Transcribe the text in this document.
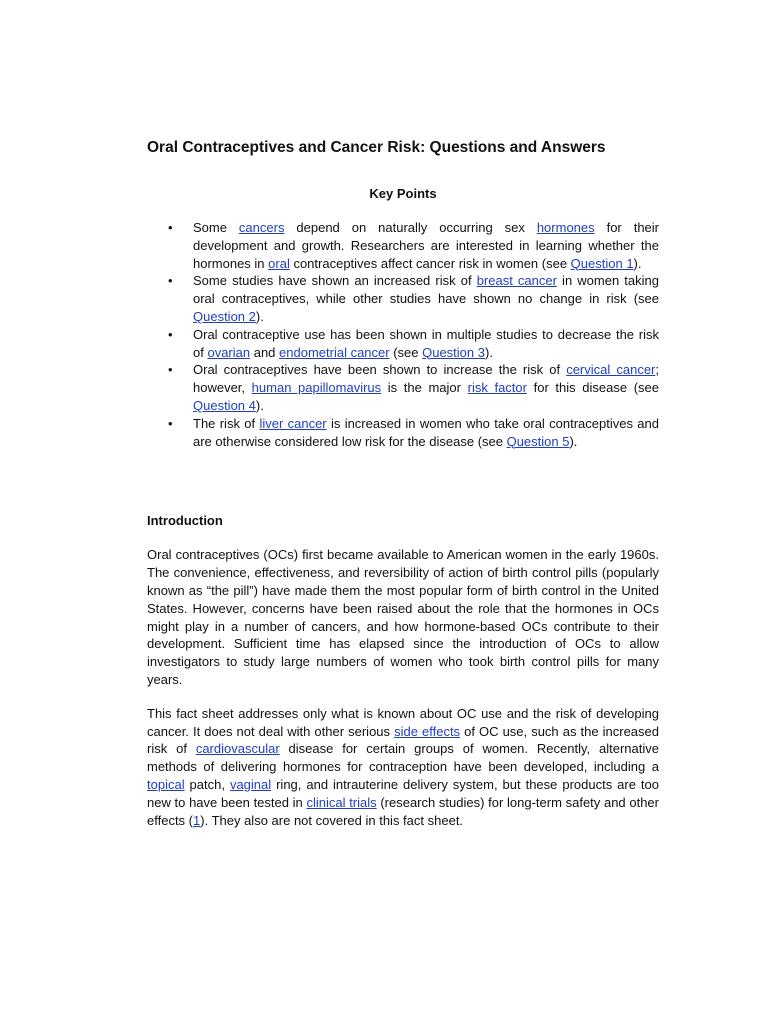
Oral Contraceptives and Cancer Risk: Questions and Answers
Key Points
• Some cancers depend on naturally occurring sex hormones for their development and growth. Researchers are interested in learning whether the hormones in oral contraceptives affect cancer risk in women (see Question 1).
• Some studies have shown an increased risk of breast cancer in women taking oral contraceptives, while other studies have shown no change in risk (see Question 2).
• Oral contraceptive use has been shown in multiple studies to decrease the risk of ovarian and endometrial cancer (see Question 3).
• Oral contraceptives have been shown to increase the risk of cervical cancer; however, human papillomavirus is the major risk factor for this disease (see Question 4).
• The risk of liver cancer is increased in women who take oral contraceptives and are otherwise considered low risk for the disease (see Question 5).
Introduction

Oral contraceptives (OCs) first became available to American women in the early 1960s. The convenience, effectiveness, and reversibility of action of birth control pills (popularly known as “the pill”) have made them the most popular form of birth control in the United States. However, concerns have been raised about the role that the hormones in OCs might play in a number of cancers, and how hormone-based OCs contribute to their development. Sufficient time has elapsed since the introduction of OCs to allow investigators to study large numbers of women who took birth control pills for many years.

This fact sheet addresses only what is known about OC use and the risk of developing cancer. It does not deal with other serious side effects of OC use, such as the increased risk of cardiovascular disease for certain groups of women. Recently, alternative methods of delivering hormones for contraception have been developed, including a topical patch, vaginal ring, and intrauterine delivery system, but these products are too new to have been tested in clinical trials (research studies) for long-term safety and other effects (1). They also are not covered in this fact sheet.
